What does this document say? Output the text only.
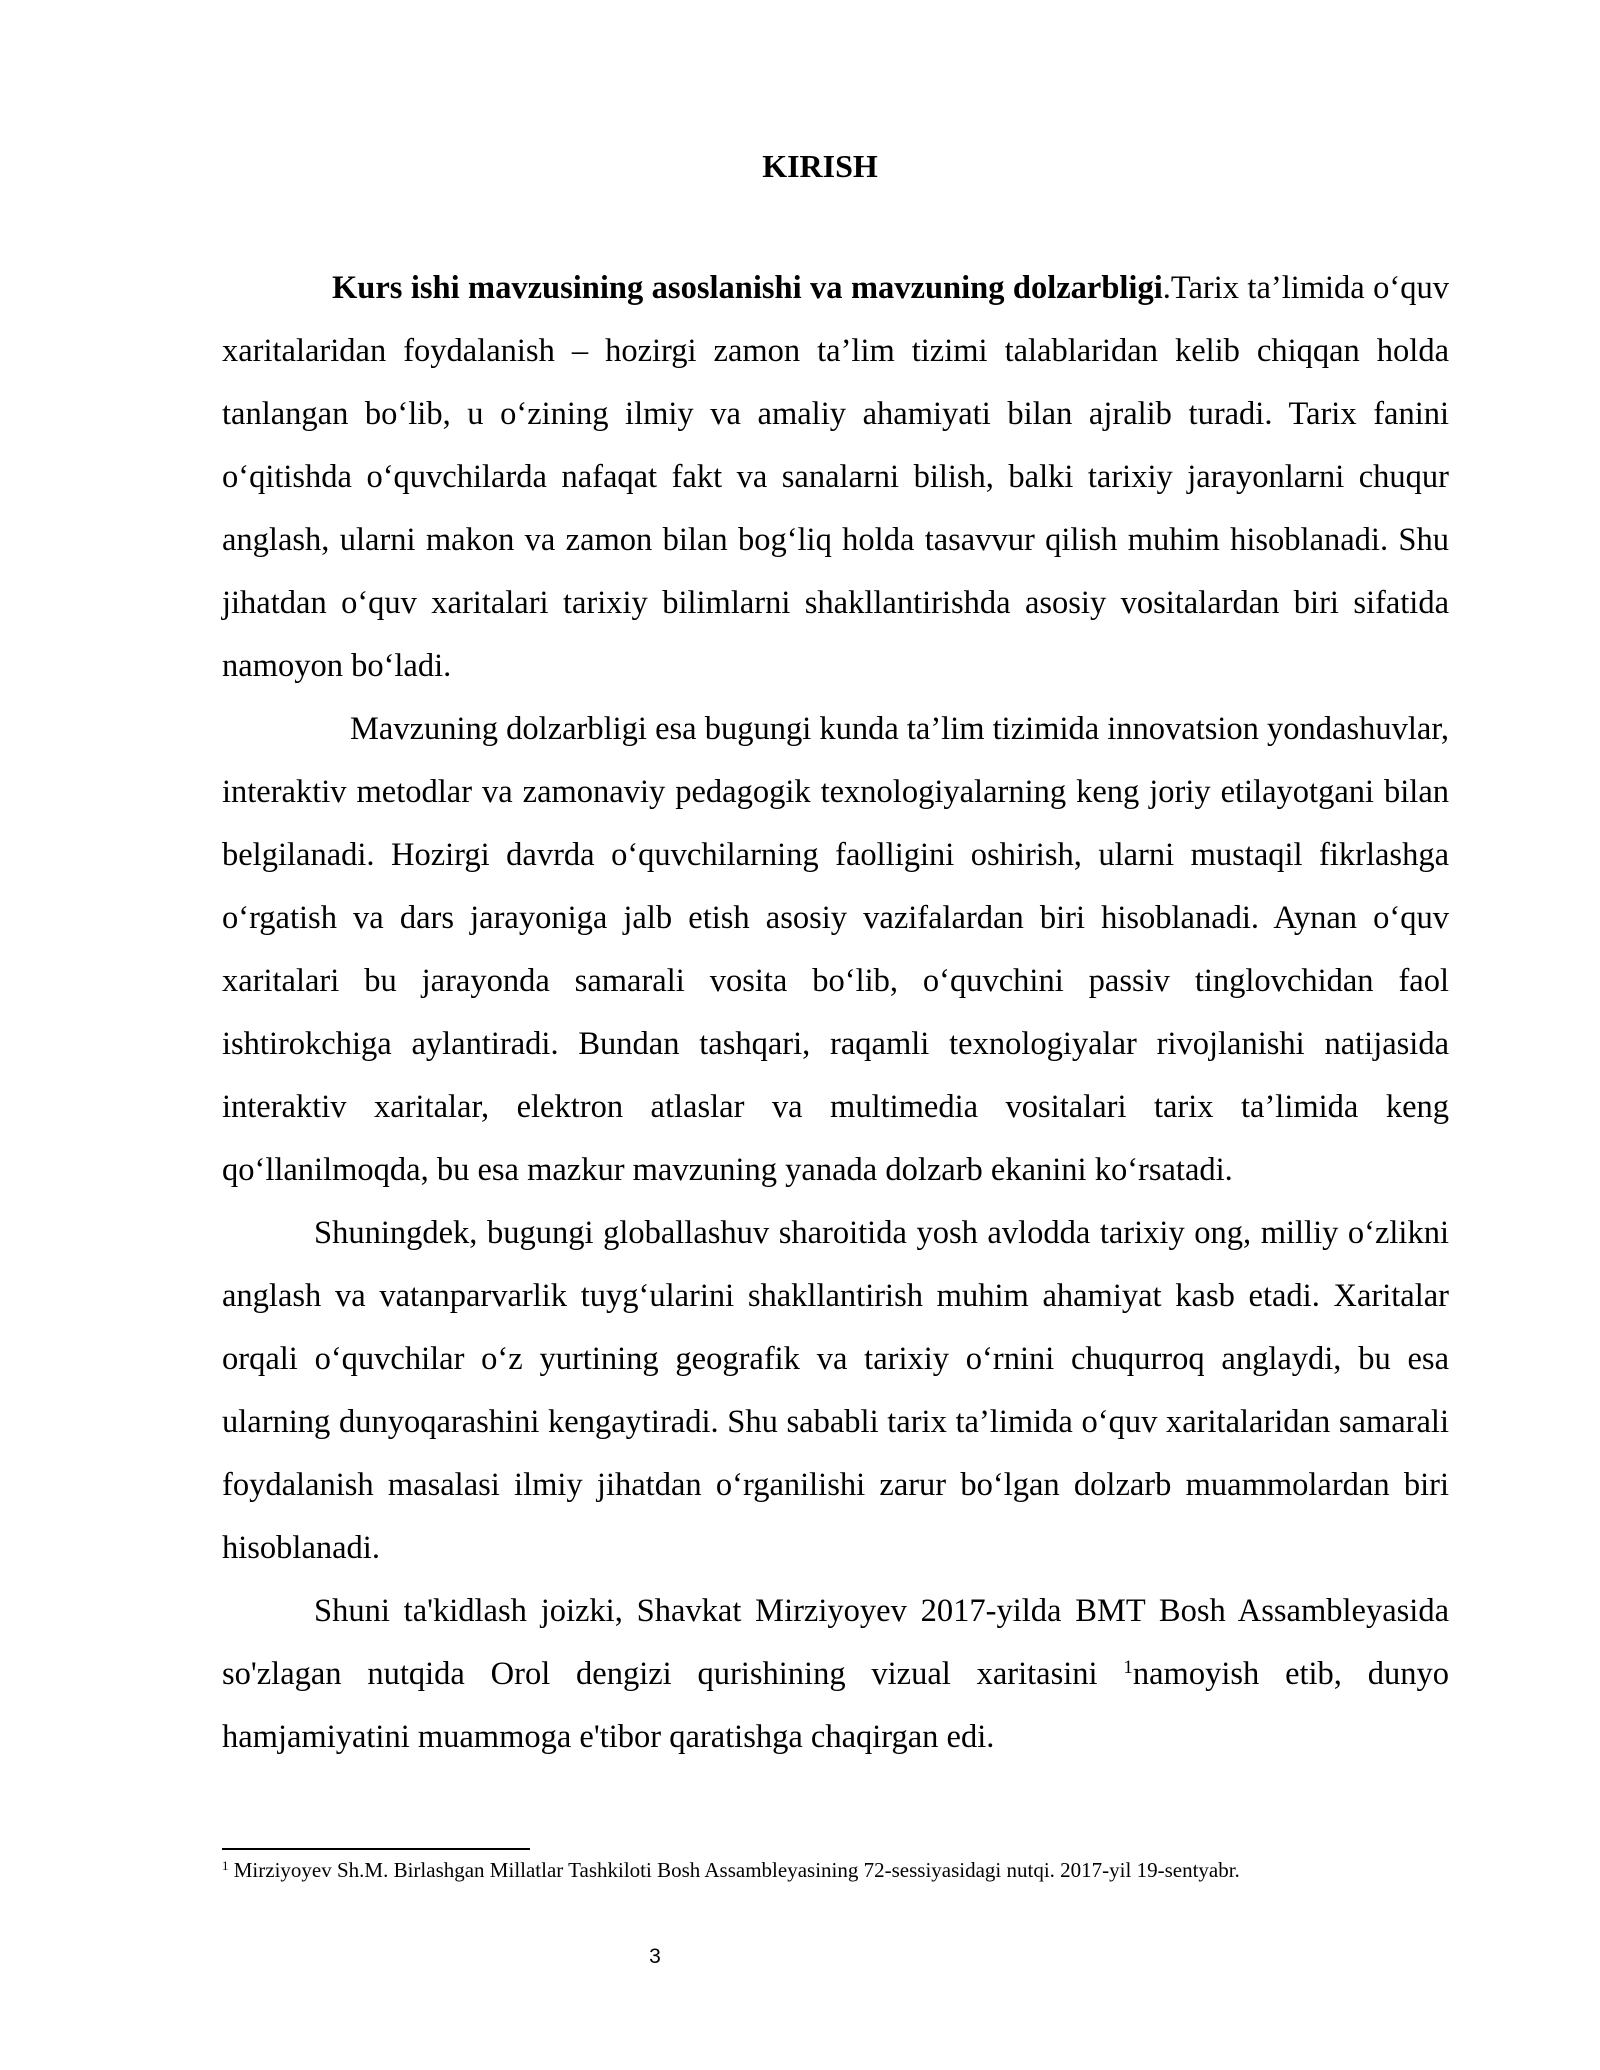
KIRISH

Kurs ishi mavzusining asoslanishi va mavzuning dolzarbligi.Tarix ta’limida o‘quv xaritalaridan foydalanish – hozirgi zamon ta’lim tizimi talablaridan kelib chiqqan holda tanlangan bo‘lib, u o‘zining ilmiy va amaliy ahamiyati bilan ajralib turadi. Tarix fanini o‘qitishda o‘quvchilarda nafaqat fakt va sanalarni bilish, balki tarixiy jarayonlarni chuqur anglash, ularni makon va zamon bilan bog‘liq holda tasavvur qilish muhim hisoblanadi. Shu jihatdan o‘quv xaritalari tarixiy bilimlarni shakllantirishda asosiy vositalardan biri sifatida namoyon bo‘ladi.

Mavzuning dolzarbligi esa bugungi kunda ta’lim tizimida innovatsion yondashuvlar, interaktiv metodlar va zamonaviy pedagogik texnologiyalarning keng joriy etilayotgani bilan belgilanadi. Hozirgi davrda o‘quvchilarning faolligini oshirish, ularni mustaqil fikrlashga o‘rgatish va dars jarayoniga jalb etish asosiy vazifalardan biri hisoblanadi. Aynan o‘quv xaritalari bu jarayonda samarali vosita bo‘lib, o‘quvchini passiv tinglovchidan faol ishtirokchiga aylantiradi. Bundan tashqari, raqamli texnologiyalar rivojlanishi natijasida interaktiv xaritalar, elektron atlaslar va multimedia vositalari tarix ta’limida keng qo‘llanilmoqda, bu esa mazkur mavzuning yanada dolzarb ekanini ko‘rsatadi.

Shuningdek, bugungi globallashuv sharoitida yosh avlodda tarixiy ong, milliy o‘zlikni anglash va vatanparvarlik tuyg‘ularini shakllantirish muhim ahamiyat kasb etadi. Xaritalar orqali o‘quvchilar o‘z yurtining geografik va tarixiy o‘rnini chuqurroq anglaydi, bu esa ularning dunyoqarashini kengaytiradi. Shu sababli tarix ta’limida o‘quv xaritalaridan samarali foydalanish masalasi ilmiy jihatdan o‘rganilishi zarur bo‘lgan dolzarb muammolardan biri hisoblanadi.

Shuni ta'kidlash joizki, Shavkat Mirziyoyev 2017-yilda BMT Bosh Assambleyasida so'zlagan nutqida Orol dengizi qurishining vizual xaritasini $^1$namoyish etib, dunyo hamjamiyatini muammoga e'tibor qaratishga chaqirgan edi.

$^1$ Mirziyoyev Sh.M. Birlashgan Millatlar Tashkiloti Bosh Assambleyasining 72-sessiyasidagi nutqi. 2017-yil 19-sentyabr.

3
